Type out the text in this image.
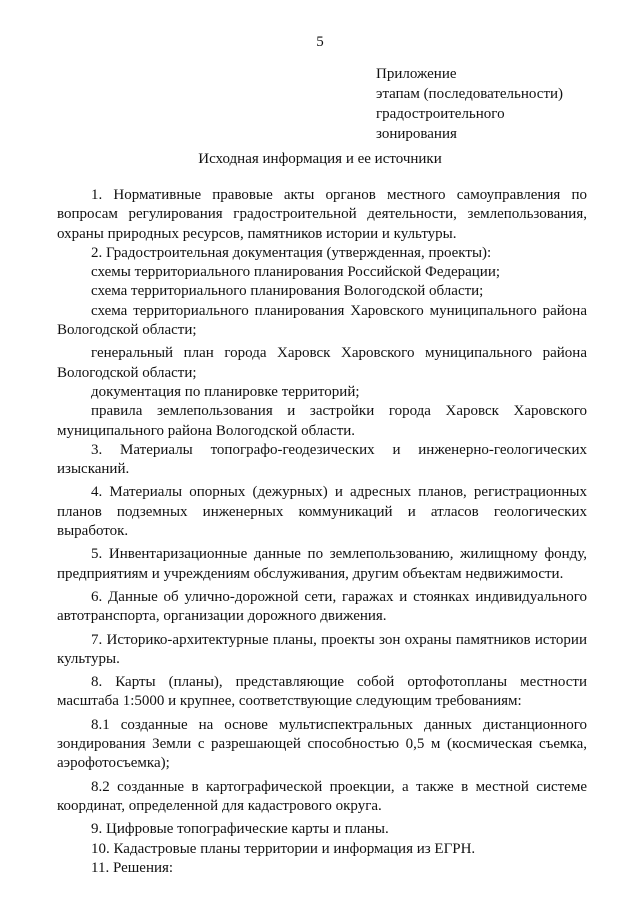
5
Приложение
этапам (последовательности)
градостроительного
зонирования
Исходная информация и ее источники

1. Нормативные правовые акты органов местного самоуправления по вопросам регулирования градостроительной деятельности, землепользования, охраны природных ресурсов, памятников истории и культуры.

2. Градостроительная документация (утвержденная, проекты):

схемы территориального планирования Российской Федерации;

схема территориального планирования Вологодской области;

схема территориального планирования Харовского муниципального района Вологодской области;

генеральный план города Харовск Харовского муниципального района Вологодской области;

документация по планировке территорий;

правила землепользования и застройки города Харовск Харовского муниципального района Вологодской области.

3. Материалы топографо-геодезических и инженерно-геологических изысканий.

4. Материалы опорных (дежурных) и адресных планов, регистрационных планов подземных инженерных коммуникаций и атласов геологических выработок.

5. Инвентаризационные данные по землепользованию, жилищному фонду, предприятиям и учреждениям обслуживания, другим объектам недвижимости.

6. Данные об улично-дорожной сети, гаражах и стоянках индивидуального автотранспорта, организации дорожного движения.

7. Историко-архитектурные планы, проекты зон охраны памятников истории культуры.

8. Карты (планы), представляющие собой ортофотопланы местности масштаба 1:5000 и крупнее, соответствующие следующим требованиям:

8.1 созданные на основе мультиспектральных данных дистанционного зондирования Земли с разрешающей способностью 0,5 м (космическая съемка, аэрофотосъемка);

8.2 созданные в картографической проекции, а также в местной системе координат, определенной для кадастрового округа.

9. Цифровые топографические карты и планы.

10. Кадастровые планы территории и информация из ЕГРН.

11. Решения:
